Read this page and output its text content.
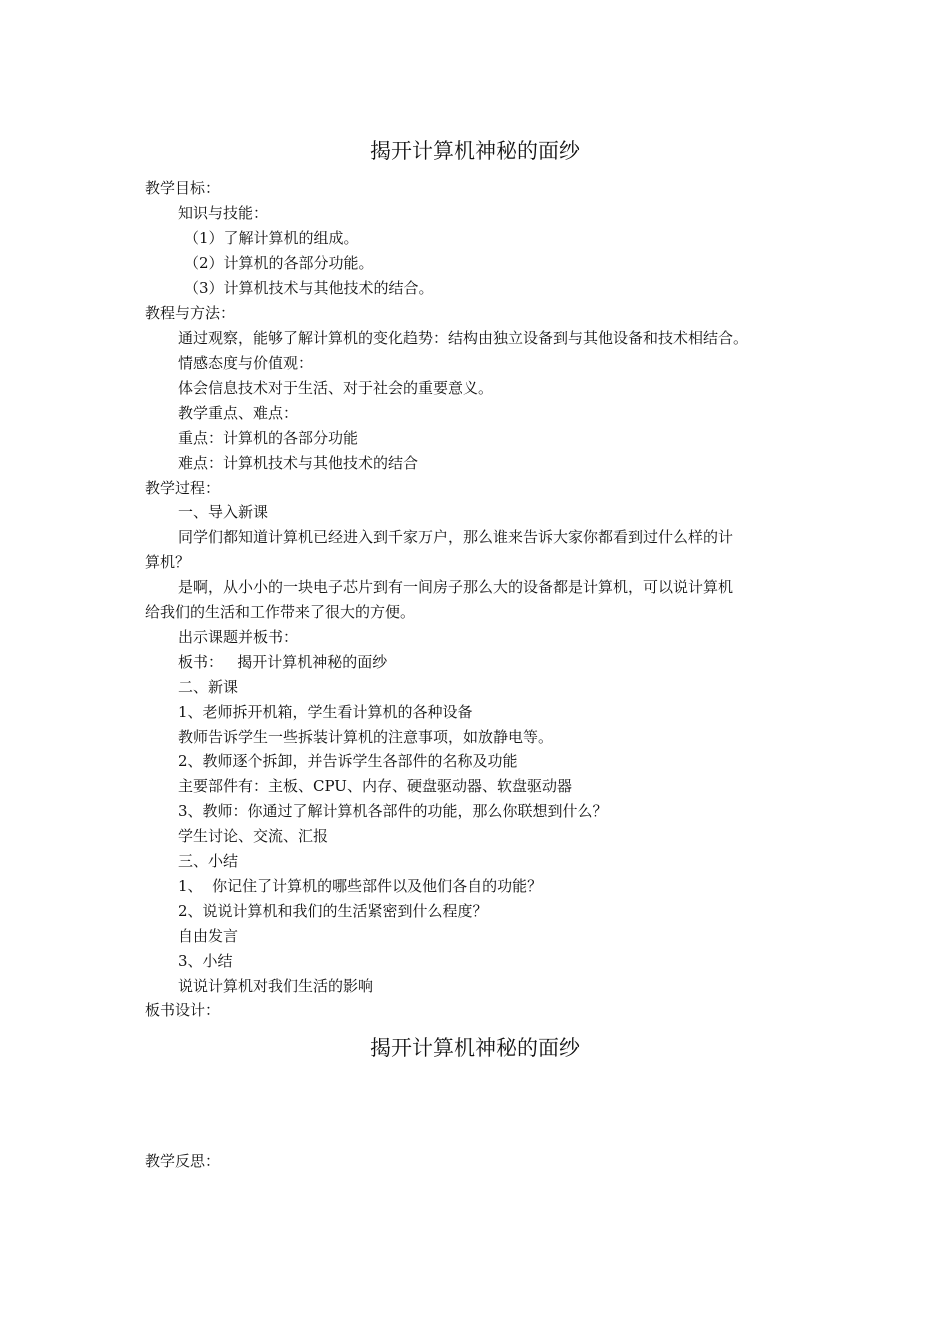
揭开计算机神秘的面纱
教学目标：
知识与技能：
（1）了解计算机的组成。
（2）计算机的各部分功能。
（3）计算机技术与其他技术的结合。
教程与方法：
通过观察，能够了解计算机的变化趋势：结构由独立设备到与其他设备和技术相结合。
情感态度与价值观：
体会信息技术对于生活、对于社会的重要意义。
教学重点、难点：
重点：计算机的各部分功能
难点：计算机技术与其他技术的结合
教学过程：
一、导入新课
同学们都知道计算机已经进入到千家万户，那么谁来告诉大家你都看到过什么样的计
算机？
是啊，从小小的一块电子芯片到有一间房子那么大的设备都是计算机，可以说计算机
给我们的生活和工作带来了很大的方便。
出示课题并板书：
板书：   揭开计算机神秘的面纱
二、新课
1、老师拆开机箱，学生看计算机的各种设备
教师告诉学生一些拆装计算机的注意事项，如放静电等。
2、教师逐个拆卸，并告诉学生各部件的名称及功能
主要部件有：主板、CPU、内存、硬盘驱动器、软盘驱动器
3、教师：你通过了解计算机各部件的功能，那么你联想到什么？
学生讨论、交流、汇报
三、小结
1、  你记住了计算机的哪些部件以及他们各自的功能？
2、说说计算机和我们的生活紧密到什么程度？
自由发言
3、小结
说说计算机对我们生活的影响
板书设计：
揭开计算机神秘的面纱
教学反思：
